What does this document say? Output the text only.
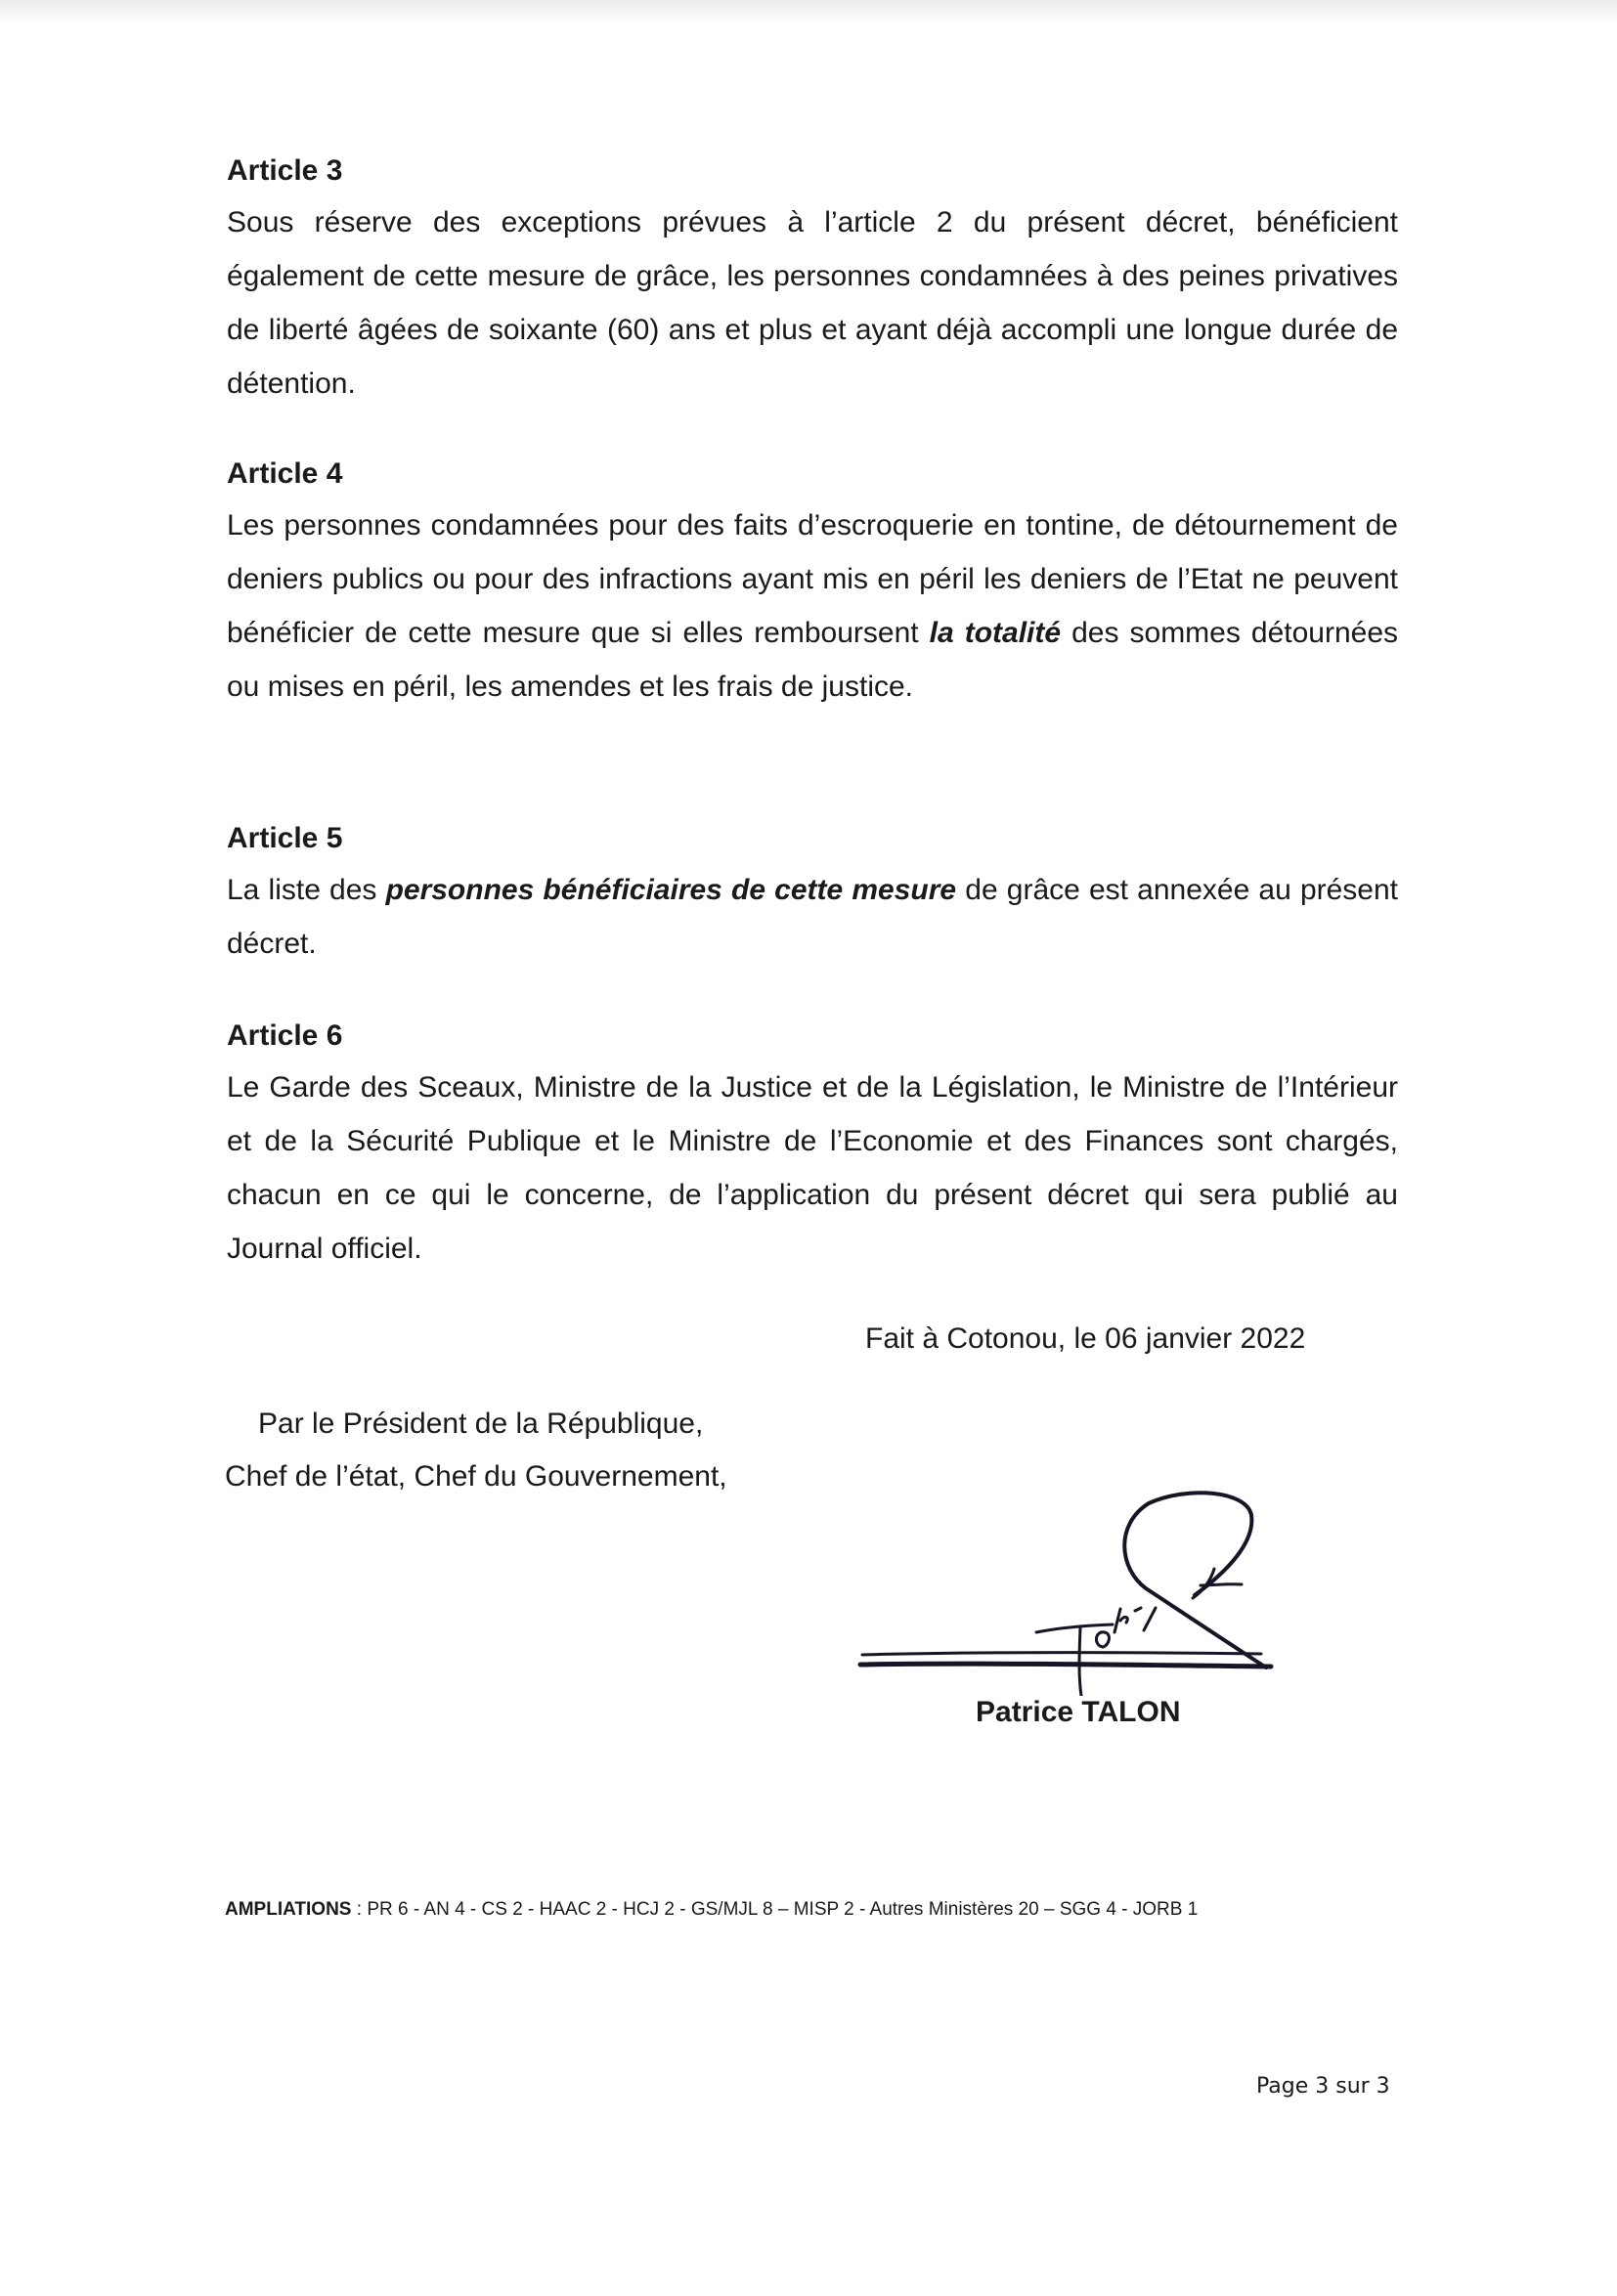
Article 3

Sous réserve des exceptions prévues à l’article 2 du présent décret, bénéficient également de cette mesure de grâce, les personnes condamnées à des peines privatives de liberté âgées de soixante (60) ans et plus et ayant déjà accompli une longue durée de détention.

Article 4

Les personnes condamnées pour des faits d’escroquerie en tontine, de détournement de deniers publics ou pour des infractions ayant mis en péril les deniers de l’Etat ne peuvent bénéficier de cette mesure que si elles remboursent la totalité des sommes détournées ou mises en péril, les amendes et les frais de justice.

Article 5

La liste des personnes bénéficiaires de cette mesure de grâce est annexée au présent décret.

Article 6

Le Garde des Sceaux, Ministre de la Justice et de la Législation, le Ministre de l’Intérieur et de la Sécurité Publique et le Ministre de l’Economie et des Finances sont chargés, chacun en ce qui le concerne, de l’application du présent décret qui sera publié au Journal officiel.

Fait à Cotonou, le 06 janvier 2022
Par le Président de la République,
Chef de l’état, Chef du Gouvernement,
Patrice TALON
AMPLIATIONS : PR 6 - AN 4 - CS 2 - HAAC 2 - HCJ 2 - GS/MJL 8 – MISP 2 - Autres Ministères 20 – SGG 4 - JORB 1
Page 3 sur 3
